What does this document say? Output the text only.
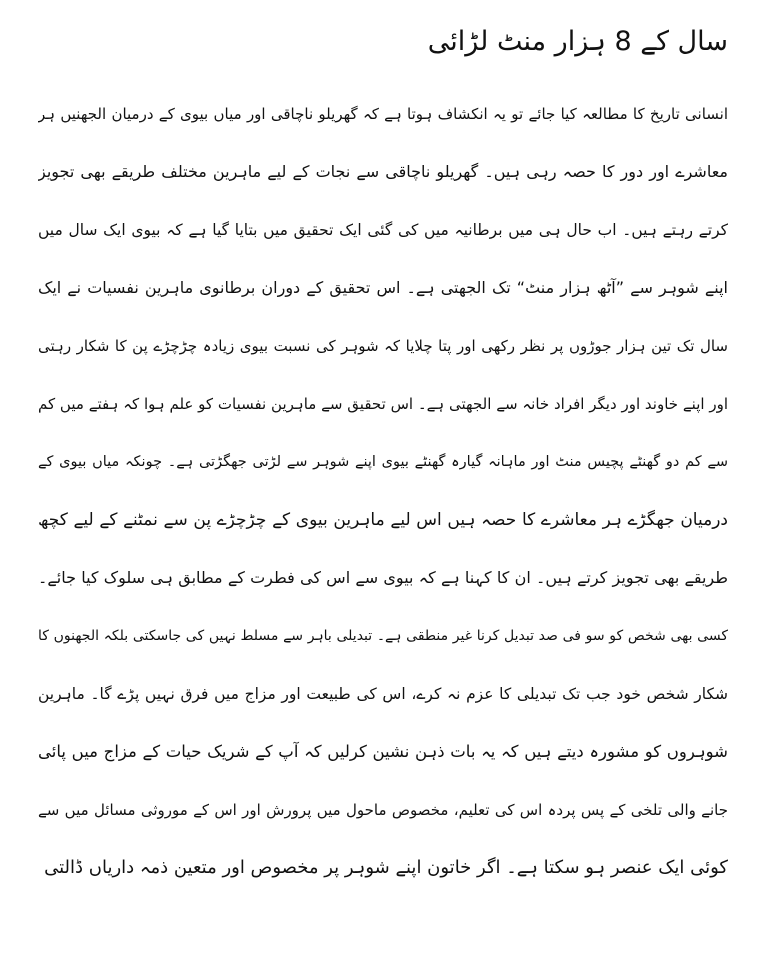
سال کے 8 ہزار منٹ لڑائی
انسانی تاریخ کا مطالعہ کیا جائے تو یہ انکشاف ہوتا ہے کہ گھریلو ناچاقی اور میاں بیوی کے درمیان الجھنیں ہر
معاشرے اور دور کا حصہ رہی ہیں۔ گھریلو ناچاقی سے نجات کے لیے ماہرین مختلف طریقے بھی تجویز
کرتے رہتے ہیں۔ اب حال ہی میں برطانیہ میں کی گئی ایک تحقیق میں بتایا گیا ہے کہ بیوی ایک سال میں
اپنے شوہر سے ”آٹھ ہزار منٹ“ تک الجھتی ہے۔ اس تحقیق کے دوران برطانوی ماہرین نفسیات نے ایک
سال تک تین ہزار جوڑوں پر نظر رکھی اور پتا چلایا کہ شوہر کی نسبت بیوی زیادہ چڑچڑے پن کا شکار رہتی
اور اپنے خاوند اور دیگر افراد خانہ سے الجھتی ہے۔ اس تحقیق سے ماہرین نفسیات کو علم ہوا کہ ہفتے میں کم
سے کم دو گھنٹے پچیس منٹ اور ماہانہ گیارہ گھنٹے بیوی اپنے شوہر سے لڑتی جھگڑتی ہے۔ چونکہ میاں بیوی کے
درمیان جھگڑے ہر معاشرے کا حصہ ہیں اس لیے ماہرین بیوی کے چڑچڑے پن سے نمٹنے کے لیے کچھ
طریقے بھی تجویز کرتے ہیں۔ ان کا کہنا ہے کہ بیوی سے اس کی فطرت کے مطابق ہی سلوک کیا جائے۔
کسی بھی شخص کو سو فی صد تبدیل کرنا غیر منطقی ہے۔ تبدیلی باہر سے مسلط نہیں کی جاسکتی بلکہ الجھنوں کا
شکار شخص خود جب تک تبدیلی کا عزم نہ کرے، اس کی طبیعت اور مزاج میں فرق نہیں پڑے گا۔ ماہرین
شوہروں کو مشورہ دیتے ہیں کہ یہ بات ذہن نشین کرلیں کہ آپ کے شریک حیات کے مزاج میں پائی
جانے والی تلخی کے پس پردہ اس کی تعلیم، مخصوص ماحول میں پرورش اور اس کے موروثی مسائل میں سے
کوئی ایک عنصر ہو سکتا ہے۔ اگر خاتون اپنے شوہر پر مخصوص اور متعین ذمہ داریاں ڈالتی
